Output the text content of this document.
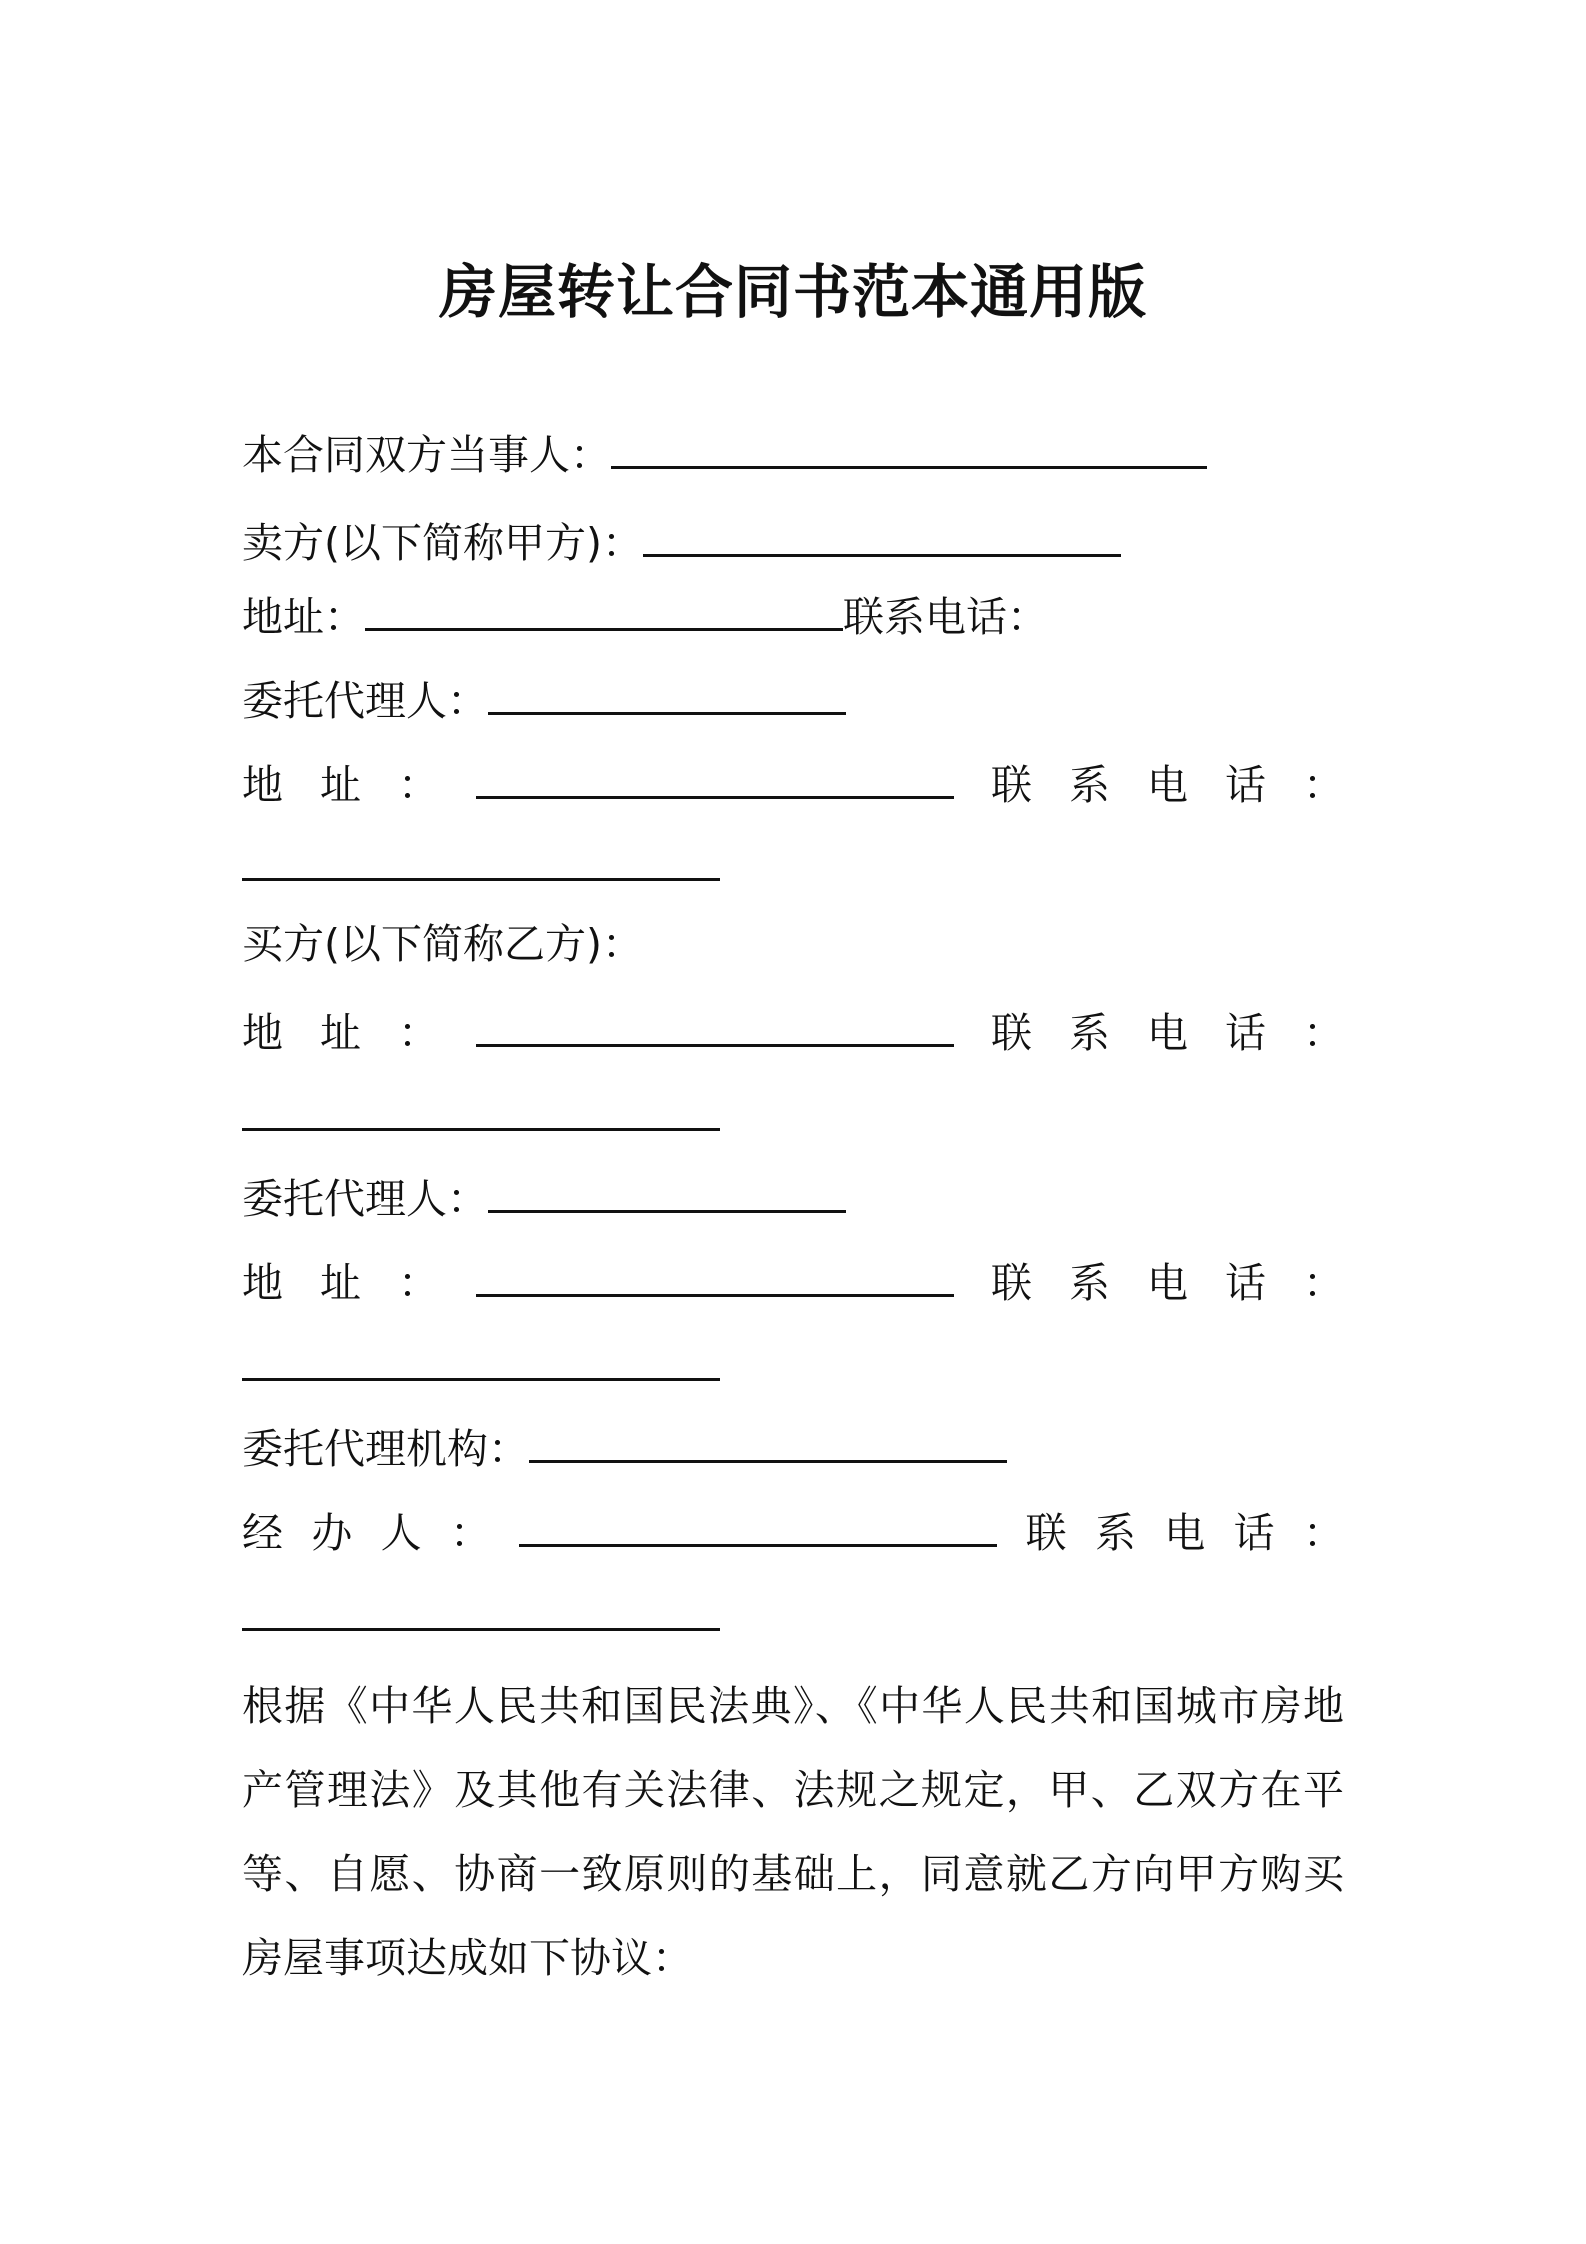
房屋转让合同书范本通用版
本合同双方当事人：
卖方(以下简称甲方)：
地址：	联系电话：
委托代理人：
地 址 ：	联 系 电 话 ：
买方(以下简称乙方)：
地 址 ：	联 系 电 话 ：
委托代理人：
地 址 ：	联 系 电 话 ：
委托代理机构：
经 办 人 ：	联 系 电 话 ：
根据《中华人民共和国民法典》、《中华人民共和国城市房地产管理法》及其他有关法律、法规之规定，甲、乙双方在平等、自愿、协商一致原则的基础上，同意就乙方向甲方购买房屋事项达成如下协议：
